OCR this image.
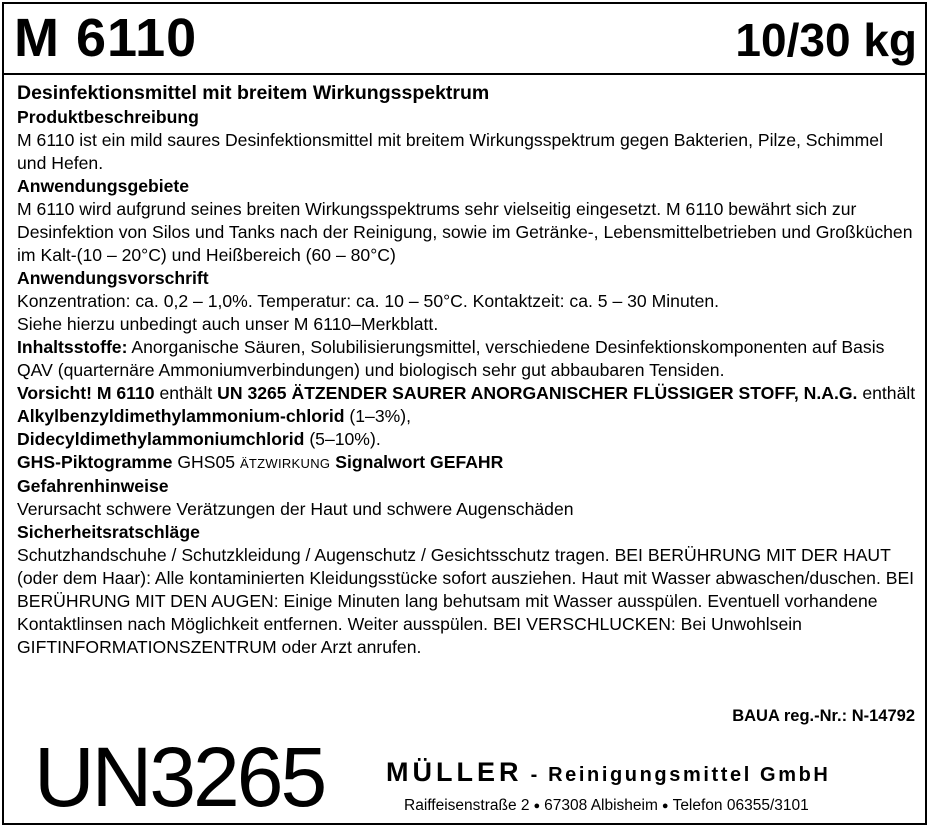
M 6110	10/30 kg

Desinfektionsmittel mit breitem Wirkungsspektrum

Produktbeschreibung

M 6110 ist ein mild saures Desinfektionsmittel mit breitem Wirkungsspektrum gegen Bakterien, Pilze, Schimmel und Hefen.

Anwendungsgebiete

M 6110 wird aufgrund seines breiten Wirkungsspektrums sehr vielseitig eingesetzt. M 6110 bewährt sich zur Desinfektion von Silos und Tanks nach der Reinigung, sowie im Getränke-, Lebensmittelbetrieben und Großküchen im Kalt-(10 – 20°C) und Heißbereich (60 – 80°C)

Anwendungsvorschrift

Konzentration: ca. 0,2 – 1,0%. Temperatur: ca. 10 – 50°C. Kontaktzeit: ca. 5 – 30 Minuten.

Siehe hierzu unbedingt auch unser M 6110–Merkblatt.

Inhaltsstoffe: Anorganische Säuren, Solubilisierungsmittel, verschiedene Desinfektionskomponenten auf Basis QAV (quarternäre Ammoniumverbindungen) und biologisch sehr gut abbaubaren Tensiden.

Vorsicht! M 6110 enthält UN 3265 ÄTZENDER SAURER ANORGANISCHER FLÜSSIGER STOFF, N.A.G. enthält Alkylbenzyldimethylammonium-chlorid (1–3%),
Didecyldimethylammoniumchlorid (5–10%).

GHS-Piktogramme GHS05 ÄTZWIRKUNG Signalwort GEFAHR

Gefahrenhinweise

Verursacht schwere Verätzungen der Haut und schwere Augenschäden

Sicherheitsratschläge

Schutzhandschuhe / Schutzkleidung / Augenschutz / Gesichtsschutz tragen. BEI BERÜHRUNG MIT DER HAUT (oder dem Haar): Alle kontaminierten Kleidungsstücke sofort ausziehen. Haut mit Wasser abwaschen/duschen. BEI BERÜHRUNG MIT DEN AUGEN: Einige Minuten lang behutsam mit Wasser ausspülen. Eventuell vorhandene Kontaktlinsen nach Möglichkeit entfernen. Weiter ausspülen. BEI VERSCHLUCKEN: Bei Unwohlsein GIFTINFORMATIONSZENTRUM oder Arzt anrufen.

BAUA reg.-Nr.: N-14792
UN3265 MÜLLER - Reinigungsmittel GmbH
Raiffeisenstraße 2 ● 67308 Albisheim ● Telefon 06355/3101
